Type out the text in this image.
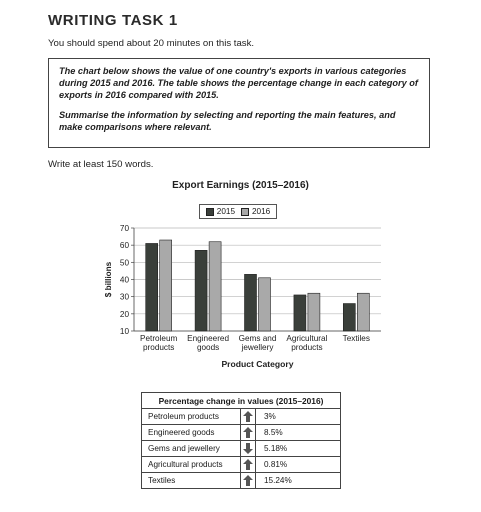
WRITING TASK 1
You should spend about 20 minutes on this task.

The chart below shows the value of one country's exports in various categories during 2015 and 2016. The table shows the percentage change in each category of exports in 2016 compared with 2015.

Summarise the information by selecting and reporting the main features, and make comparisons where relevant.

Write at least 150 words.
Export Earnings (2015–2016)
2015 2016
10
20
30
40
50
60
70
$ billions
Petroleum
products
Engineered
goods
Gems and
jewellery
Agricultural
products
Textiles
Product Category
Percentage change in values (2015–2016)		
Petroleum products		3%
Engineered goods		8.5%
Gems and jewellery		5.18%
Agricultural products		0.81%
Textiles		15.24%
